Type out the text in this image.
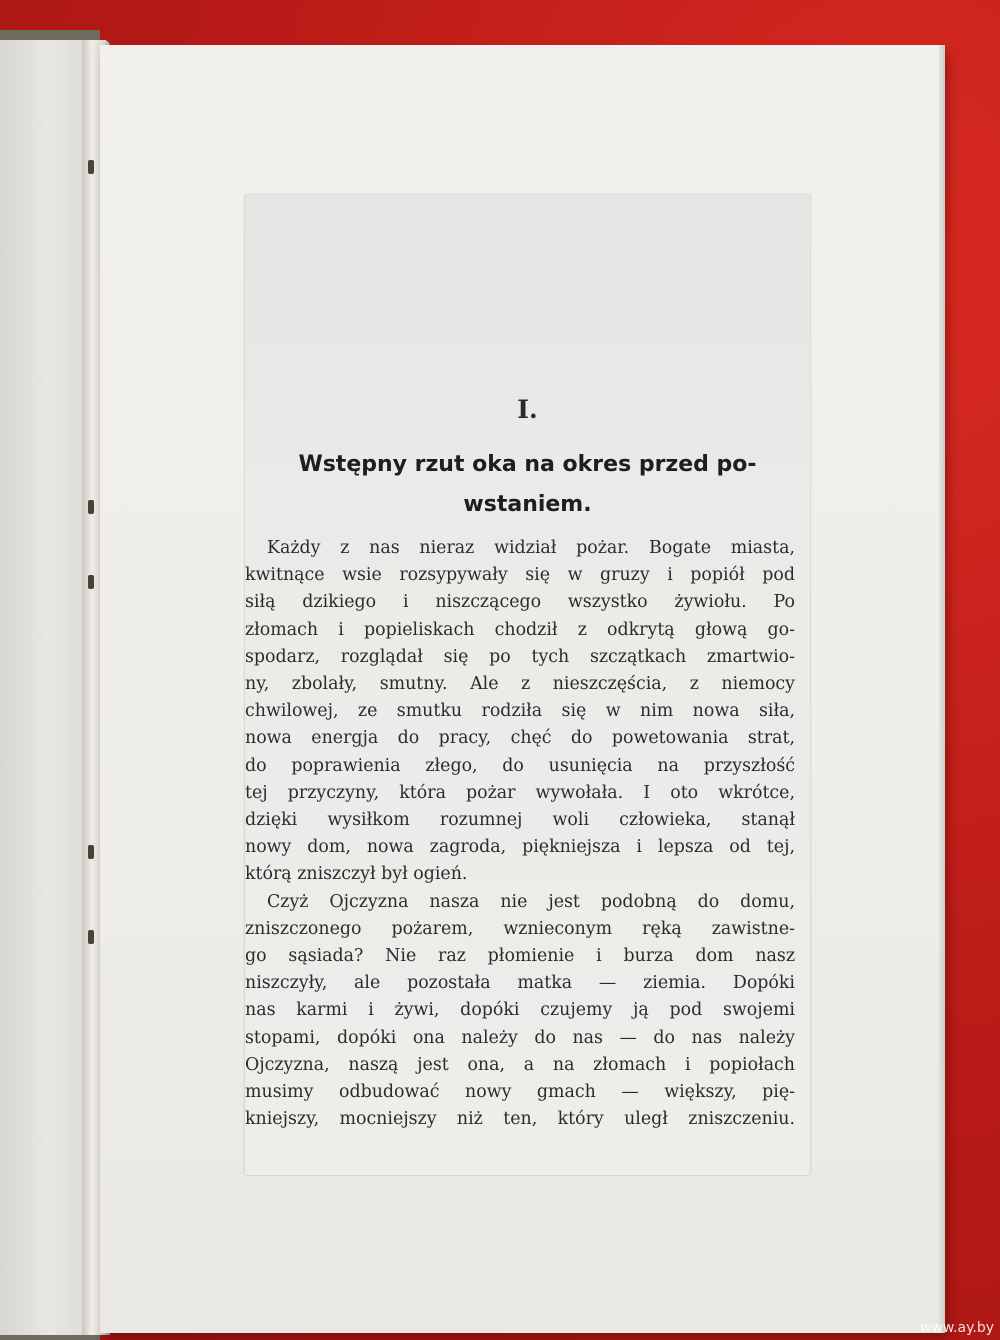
I.
Wstępny rzut oka na okres przed po-
wstaniem.
Każdy z nas nieraz widział pożar. Bogate miasta,
kwitnące wsie rozsypywały się w gruzy i popiół pod
siłą dzikiego i niszczącego wszystko żywiołu. Po
złomach i popieliskach chodził z odkrytą głową go-
spodarz, rozglądał się po tych szczątkach zmartwio-
ny, zbolały, smutny. Ale z nieszczęścia, z niemocy
chwilowej, ze smutku rodziła się w nim nowa siła,
nowa energja do pracy, chęć do powetowania strat,
do poprawienia złego, do usunięcia na przyszłość
tej przyczyny, która pożar wywołała. I oto wkrótce,
dzięki wysiłkom rozumnej woli człowieka, stanął
nowy dom, nowa zagroda, piękniejsza i lepsza od tej,
którą zniszczył był ogień.
Czyż Ojczyzna nasza nie jest podobną do domu,
zniszczonego pożarem, wznieconym ręką zawistne-
go sąsiada? Nie raz płomienie i burza dom nasz
niszczyły, ale pozostała matka — ziemia. Dopóki
nas karmi i żywi, dopóki czujemy ją pod swojemi
stopami, dopóki ona należy do nas — do nas należy
Ojczyzna, naszą jest ona, a na złomach i popiołach
musimy odbudować nowy gmach — większy, pię-
kniejszy, mocniejszy niż ten, który uległ zniszczeniu.
www.ay.by
